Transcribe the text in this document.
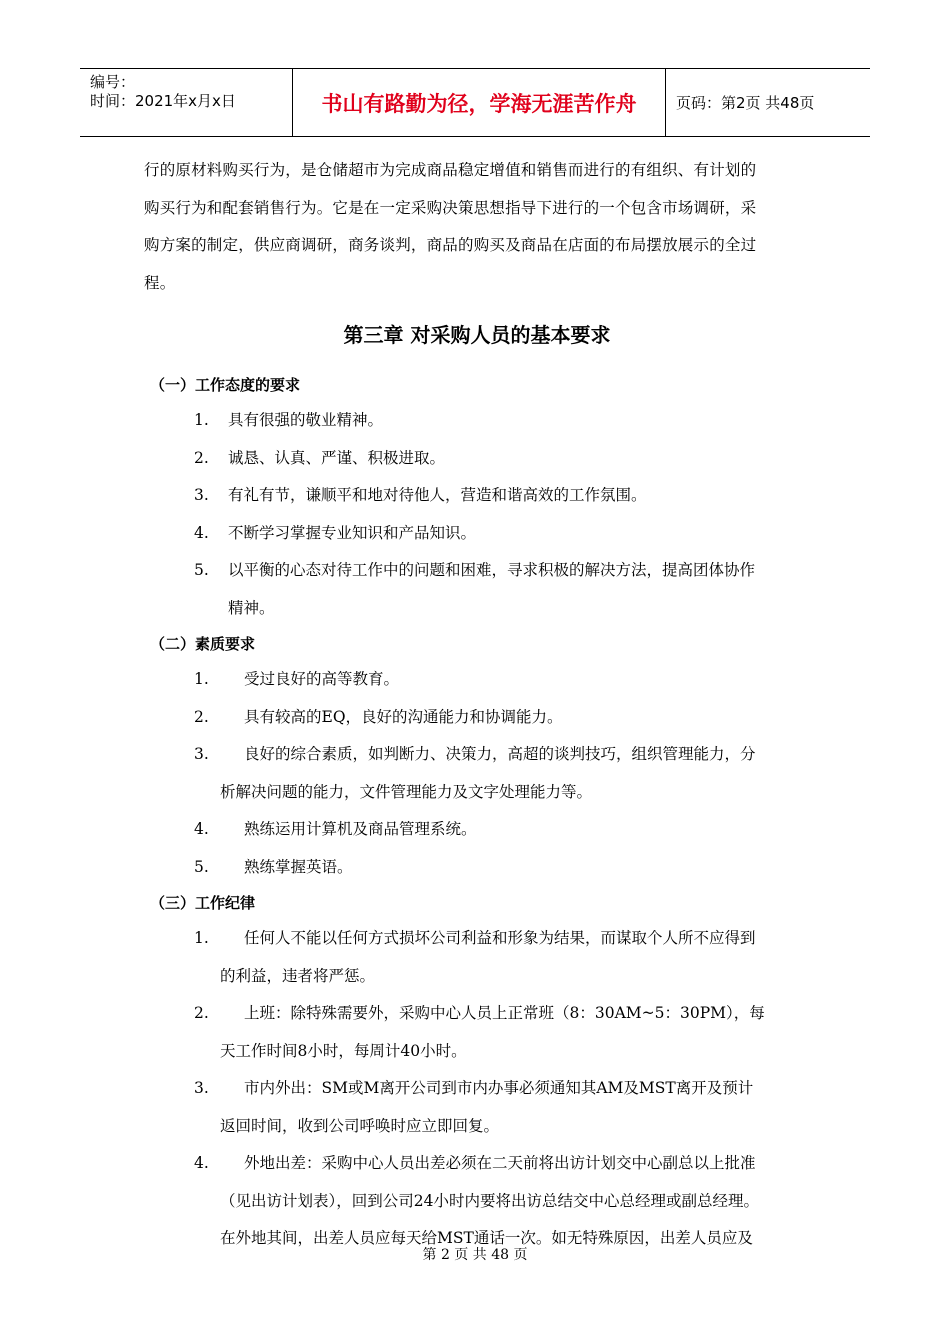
编号：
时间：2021年x月x日	书山有路勤为径，学海无涯苦作舟	页码：第2页 共48页

行的原材料购买行为，是仓储超市为完成商品稳定增值和销售而进行的有组织、有计划的

购买行为和配套销售行为。它是在一定采购决策思想指导下进行的一个包含市场调研，采

购方案的制定，供应商调研，商务谈判，商品的购买及商品在店面的布局摆放展示的全过

程。

第三章 对采购人员的基本要求
（一）工作态度的要求
1.	具有很强的敬业精神。
2.	诚恳、认真、严谨、积极进取。
3.	有礼有节，谦顺平和地对待他人，营造和谐高效的工作氛围。
4.	不断学习掌握专业知识和产品知识。
5.	以平衡的心态对待工作中的问题和困难，寻求积极的解决方法，提高团体协作
精神。
（二）素质要求
1.	受过良好的高等教育。
2.	具有较高的EQ，良好的沟通能力和协调能力。
3.	良好的综合素质，如判断力、决策力，高超的谈判技巧，组织管理能力，分
析解决问题的能力，文件管理能力及文字处理能力等。
4.	熟练运用计算机及商品管理系统。
5.	熟练掌握英语。
（三）工作纪律
1.	任何人不能以任何方式损坏公司利益和形象为结果，而谋取个人所不应得到
的利益，违者将严惩。
2.	上班：除特殊需要外，采购中心人员上正常班（8：30AM~5：30PM），每
天工作时间8小时，每周计40小时。
3.	市内外出：SM或M离开公司到市内办事必须通知其AM及MST离开及预计
返回时间，收到公司呼唤时应立即回复。
4.	外地出差：采购中心人员出差必须在二天前将出访计划交中心副总以上批准
（见出访计划表），回到公司24小时内要将出访总结交中心总经理或副总经理。
在外地其间，出差人员应每天给MST通话一次。如无特殊原因，出差人员应及
第 2 页 共 48 页
